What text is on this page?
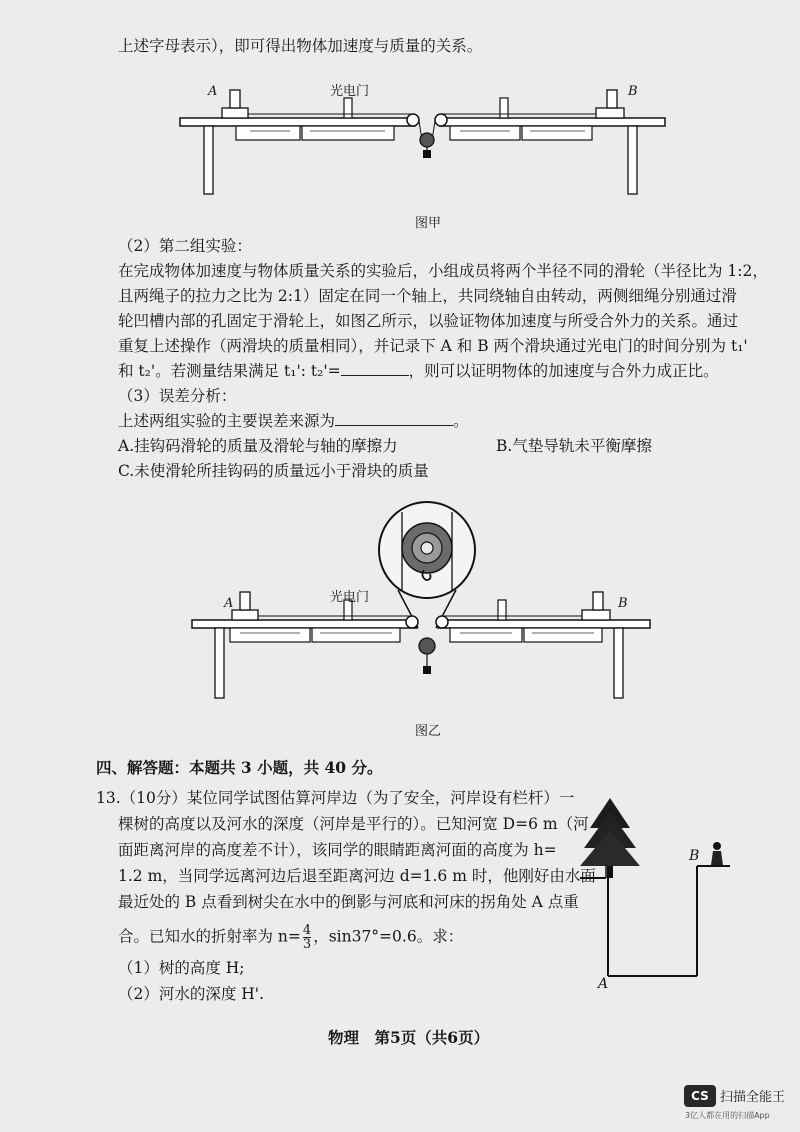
上述字母表示），即可得出物体加速度与质量的关系。
A	B
光电门
图甲
（2）第二组实验：
在完成物体加速度与物体质量关系的实验后，小组成员将两个半径不同的滑轮（半径比为 1:2，
且两绳子的拉力之比为 2:1）固定在同一个轴上，共同绕轴自由转动，两侧细绳分别通过滑
轮凹槽内部的孔固定于滑轮上，如图乙所示，以验证物体加速度与所受合外力的关系。通过
重复上述操作（两滑块的质量相同），并记录下 A 和 B 两个滑块通过光电门的时间分别为 t₁'
和 t₂'。若测量结果满足 t₁': t₂'=	，则可以证明物体的加速度与合外力成正比。
（3）误差分析：
上述两组实验的主要误差来源为	。
A.挂钩码滑轮的质量及滑轮与轴的摩擦力	B.气垫导轨未平衡摩擦
C.未使滑轮所挂钩码的质量远小于滑块的质量
A	B
光电门
图乙
四、解答题：本题共 3 小题，共 40 分。
13.（10分）某位同学试图估算河岸边（为了安全，河岸设有栏杆）一
棵树的高度以及河水的深度（河岸是平行的）。已知河宽 D=6 m（河
面距离河岸的高度差不计），该同学的眼睛距离河面的高度为 h=
1.2 m，当同学远离河边后退至距离河边 d=1.6 m 时，他刚好由水面
最近处的 B 点看到树尖在水中的倒影与河底和河床的拐角处 A 点重
合。已知水的折射率为 $n= \frac{4}{3}$ ，sin37°=0.6。求：
（1）树的高度 H;
（2）河水的深度 H'.
B
A
物理　第5页（共6页）
CS 扫描全能王
3亿人都在用的扫描App
